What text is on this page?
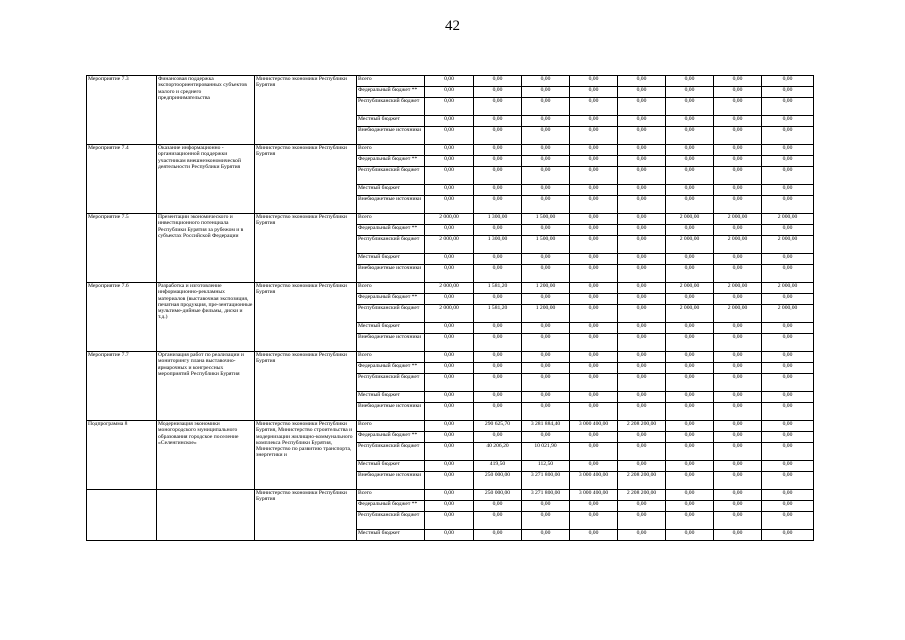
42
Мероприятие 7.3	Финансовая поддержка экспортоориентированных субъектов малого и среднего предпринимательства	Министерство экономики Республики Бурятия	Всего	0,00	0,00	0,00	0,00	0,00	0,00	0,00	0,00
			Федеральный бюджет **	0,00	0,00	0,00	0,00	0,00	0,00	0,00	0,00
			Республиканский бюджет	0,00	0,00	0,00	0,00	0,00	0,00	0,00	0,00
			Местный бюджет	0,00	0,00	0,00	0,00	0,00	0,00	0,00	0,00
			Внебюджетные источники	0,00	0,00	0,00	0,00	0,00	0,00	0,00	0,00
Мероприятие 7.4	Оказание информационно - организационной поддержки участникам внешнеэкономической деятельности Республики Бурятия	Министерство экономики Республики Бурятия	Всего	0,00	0,00	0,00	0,00	0,00	0,00	0,00	0,00
			Федеральный бюджет **	0,00	0,00	0,00	0,00	0,00	0,00	0,00	0,00
			Республиканский бюджет	0,00	0,00	0,00	0,00	0,00	0,00	0,00	0,00
			Местный бюджет	0,00	0,00	0,00	0,00	0,00	0,00	0,00	0,00
			Внебюджетные источники	0,00	0,00	0,00	0,00	0,00	0,00	0,00	0,00
Мероприятие 7.5	Презентации экономического и инвестиционного потенциала Республики Бурятия за рубежом и в субъектах Российской Федерации	Министерство экономики Республики Бурятия	Всего	2 000,00	1 300,00	1 500,00	0,00	0,00	2 000,00	2 000,00	2 000,00
			Федеральный бюджет **	0,00	0,00	0,00	0,00	0,00	0,00	0,00	0,00
			Республиканский бюджет	2 000,00	1 300,00	1 500,00	0,00	0,00	2 000,00	2 000,00	2 000,00
			Местный бюджет	0,00	0,00	0,00	0,00	0,00	0,00	0,00	0,00
			Внебюджетные источники	0,00	0,00	0,00	0,00	0,00	0,00	0,00	0,00
Мероприятие 7.6	Разработка и изготовление информационно-рекламных материалов (выставочная экспозиция, печатная продукция, пре-зентационные мультиме-дийные фильмы, диски и т.д.)	Министерство экономики Республики Бурятия	Всего	2 000,00	1 581,20	1 200,00	0,00	0,00	2 000,00	2 000,00	2 000,00
			Федеральный бюджет **	0,00	0,00	0,00	0,00	0,00	0,00	0,00	0,00
			Республиканский бюджет	2 000,00	1 581,20	1 200,00	0,00	0,00	2 000,00	2 000,00	2 000,00
			Местный бюджет	0,00	0,00	0,00	0,00	0,00	0,00	0,00	0,00
			Внебюджетные источники	0,00	0,00	0,00	0,00	0,00	0,00	0,00	0,00
Мероприятие 7.7	Организация работ по реализации и мониторингу плана выставочно-ярмарочных и конгрессных мероприятий Республики Бурятия	Министерство экономики Республики Бурятия	Всего	0,00	0,00	0,00	0,00	0,00	0,00	0,00	0,00
			Федеральный бюджет **	0,00	0,00	0,00	0,00	0,00	0,00	0,00	0,00
			Республиканский бюджет	0,00	0,00	0,00	0,00	0,00	0,00	0,00	0,00
			Местный бюджет	0,00	0,00	0,00	0,00	0,00	0,00	0,00	0,00
			Внебюджетные источники	0,00	0,00	0,00	0,00	0,00	0,00	0,00	0,00
Подпрограмма 8	Модернизация экономики моногородского муниципального образования городское поселение «Селенгинское»	Министерство экономики Республики Бурятия, Министерство строительства и модернизации жилищно-коммунального комплекса Республики Бурятия, Министерство по развитию транспорта, энергетики и	Всего	0,00	290 625,70	3 281 884,40	3 000 400,00	2 208 200,00	0,00	0,00	0,00
			Федеральный бюджет **	0,00	0,00	0,00	0,00	0,00	0,00	0,00	0,00
			Республиканский бюджет	0,00	40 206,20	10 021,90	0,00	0,00	0,00	0,00	0,00
			Местный бюджет	0,00	419,50	112,50	0,00	0,00	0,00	0,00	0,00
			Внебюджетные источники	0,00	250 000,00	3 271 800,00	3 000 400,00	2 208 200,00	0,00	0,00	0,00
		Министерство экономики Республики Бурятия	Всего	0,00	250 000,00	3 271 800,00	3 000 400,00	2 208 200,00	0,00	0,00	0,00
			Федеральный бюджет **	0,00	0,00	0,00	0,00	0,00	0,00	0,00	0,00
			Республиканский бюджет	0,00	0,00	0,00	0,00	0,00	0,00	0,00	0,00
			Местный бюджет	0,00	0,00	0,00	0,00	0,00	0,00	0,00	0,00
